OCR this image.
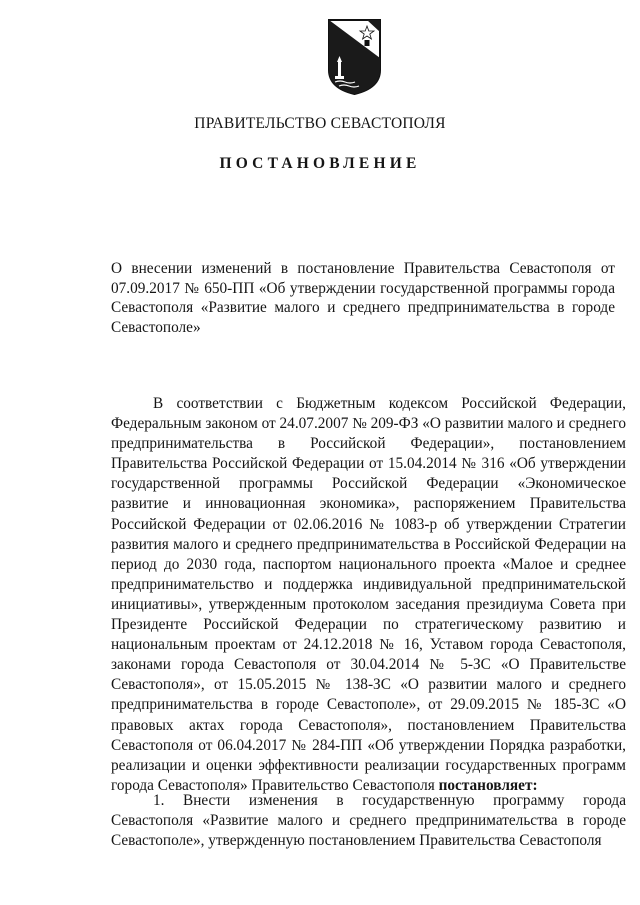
ПРАВИТЕЛЬСТВО СЕВАСТОПОЛЯ
ПОСТАНОВЛЕНИЕ
О внесении изменений в постановление Правительства Севастополя от 07.09.2017 № 650-ПП «Об утверждении государственной программы города Севастополя «Развитие малого и среднего предпринимательства в городе Севастополе»

В соответствии с Бюджетным кодексом Российской Федерации, Федеральным законом от 24.07.2007 № 209-ФЗ «О развитии малого и среднего предпринимательства в Российской Федерации», постановлением Правительства Российской Федерации от 15.04.2014 № 316 «Об утверждении государственной программы Российской Федерации «Экономическое развитие и инновационная экономика», распоряжением Правительства Российской Федерации от 02.06.2016 № 1083-р об утверждении Стратегии развития малого и среднего предпринимательства в Российской Федерации на период до 2030 года, паспортом национального проекта «Малое и среднее предпринимательство и поддержка индивидуальной предпринимательской инициативы», утвержденным протоколом заседания президиума Совета при Президенте Российской Федерации по стратегическому развитию и национальным проектам от 24.12.2018 № 16, Уставом города Севастополя, законами города Севастополя от 30.04.2014 № 5-ЗС «О Правительстве Севастополя», от 15.05.2015 № 138-ЗС «О развитии малого и среднего предпринимательства в городе Севастополе», от 29.09.2015 № 185-ЗС «О правовых актах города Севастополя», постановлением Правительства Севастополя от 06.04.2017 № 284-ПП «Об утверждении Порядка разработки, реализации и оценки эффективности реализации государственных программ города Севастополя» Правительство Севастополя постановляет:

1. Внести изменения в государственную программу города Севастополя «Развитие малого и среднего предпринимательства в городе Севастополе», утвержденную постановлением Правительства Севастополя
